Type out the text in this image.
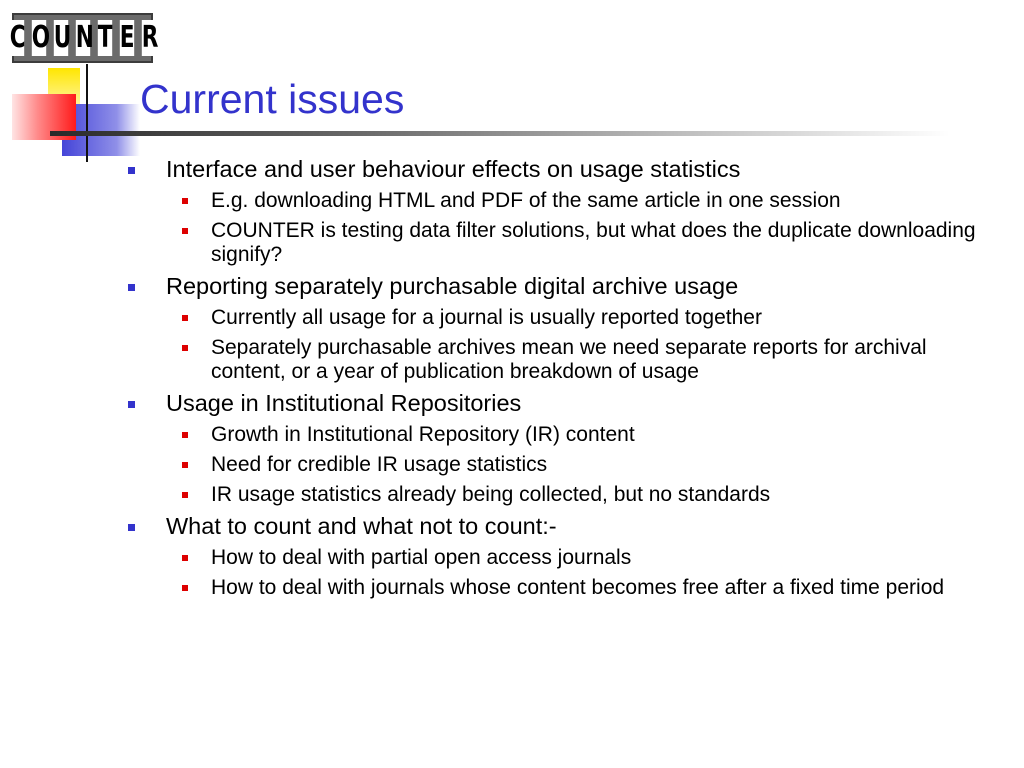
C O U N T E R
Current issues
Interface and user behaviour effects on usage statistics
E.g. downloading HTML and PDF of the same article in one session
COUNTER is testing data filter solutions, but what does the duplicate downloading signify?
Reporting separately purchasable digital archive usage
Currently all usage for a journal is usually reported together
Separately purchasable archives mean we need separate reports for archival content, or a year of publication breakdown of usage
Usage in Institutional Repositories
Growth in Institutional Repository (IR) content
Need for credible IR usage statistics
IR usage statistics already being collected, but no standards
What to count and what not to count:-
How to deal with partial open access journals
How to deal with journals whose content becomes free after a fixed time period
